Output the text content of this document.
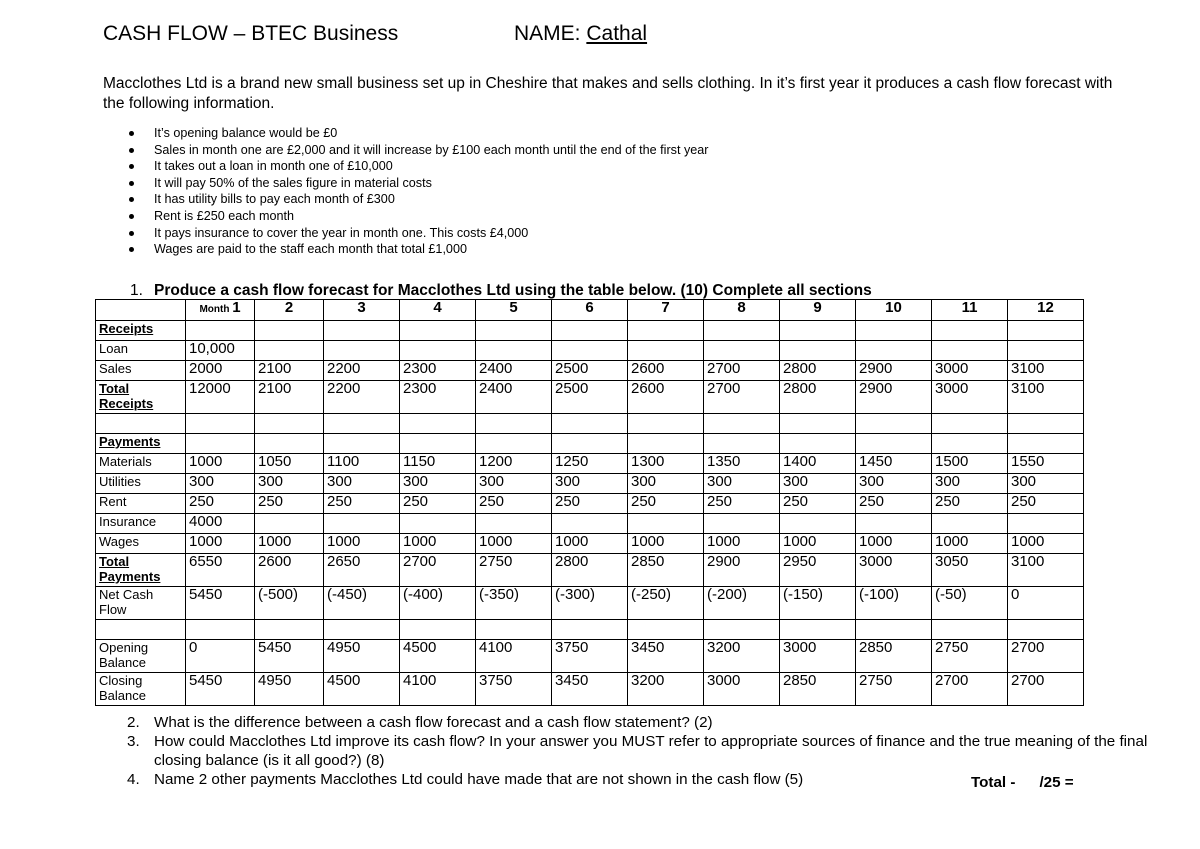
CASH FLOW – BTEC Business	NAME: Cathal
Macclothes Ltd is a brand new small business set up in Cheshire that makes and sells clothing. In it’s first year it produces a cash flow forecast with the following information.
It’s opening balance would be £0
Sales in month one are £2,000 and it will increase by £100 each month until the end of the first year
It takes out a loan in month one of £10,000
It will pay 50% of the sales figure in material costs
It has utility bills to pay each month of £300
Rent is £250 each month
It pays insurance to cover the year in month one. This costs £4,000
Wages are paid to the staff each month that total £1,000
1. Produce a cash flow forecast for Macclothes Ltd using the table below. (10) Complete all sections
	Month 1	2	3	4	5	6	7	8	9	10	11	12
Receipts												
Loan	10,000											
Sales	2000	2100	2200	2300	2400	2500	2600	2700	2800	2900	3000	3100
Total Receipts	12000	2100	2200	2300	2400	2500	2600	2700	2800	2900	3000	3100

Payments												
Materials	1000	1050	1100	1150	1200	1250	1300	1350	1400	1450	1500	1550
Utilities	300	300	300	300	300	300	300	300	300	300	300	300
Rent	250	250	250	250	250	250	250	250	250	250	250	250
Insurance	4000											
Wages	1000	1000	1000	1000	1000	1000	1000	1000	1000	1000	1000	1000
Total Payments	6550	2600	2650	2700	2750	2800	2850	2900	2950	3000	3050	3100
Net Cash Flow	5450	(-500)	(-450)	(-400)	(-350)	(-300)	(-250)	(-200)	(-150)	(-100)	(-50)	0

Opening Balance	0	5450	4950	4500	4100	3750	3450	3200	3000	2850	2750	2700
Closing Balance	5450	4950	4500	4100	3750	3450	3200	3000	2850	2750	2700	2700
2. What is the difference between a cash flow forecast and a cash flow statement? (2)
3. How could Macclothes Ltd improve its cash flow? In your answer you MUST refer to appropriate sources of finance and the true meaning of the final closing balance (is it all good?) (8)
4. Name 2 other payments Macclothes Ltd could have made that are not shown in the cash flow (5)	Total - /25 =
